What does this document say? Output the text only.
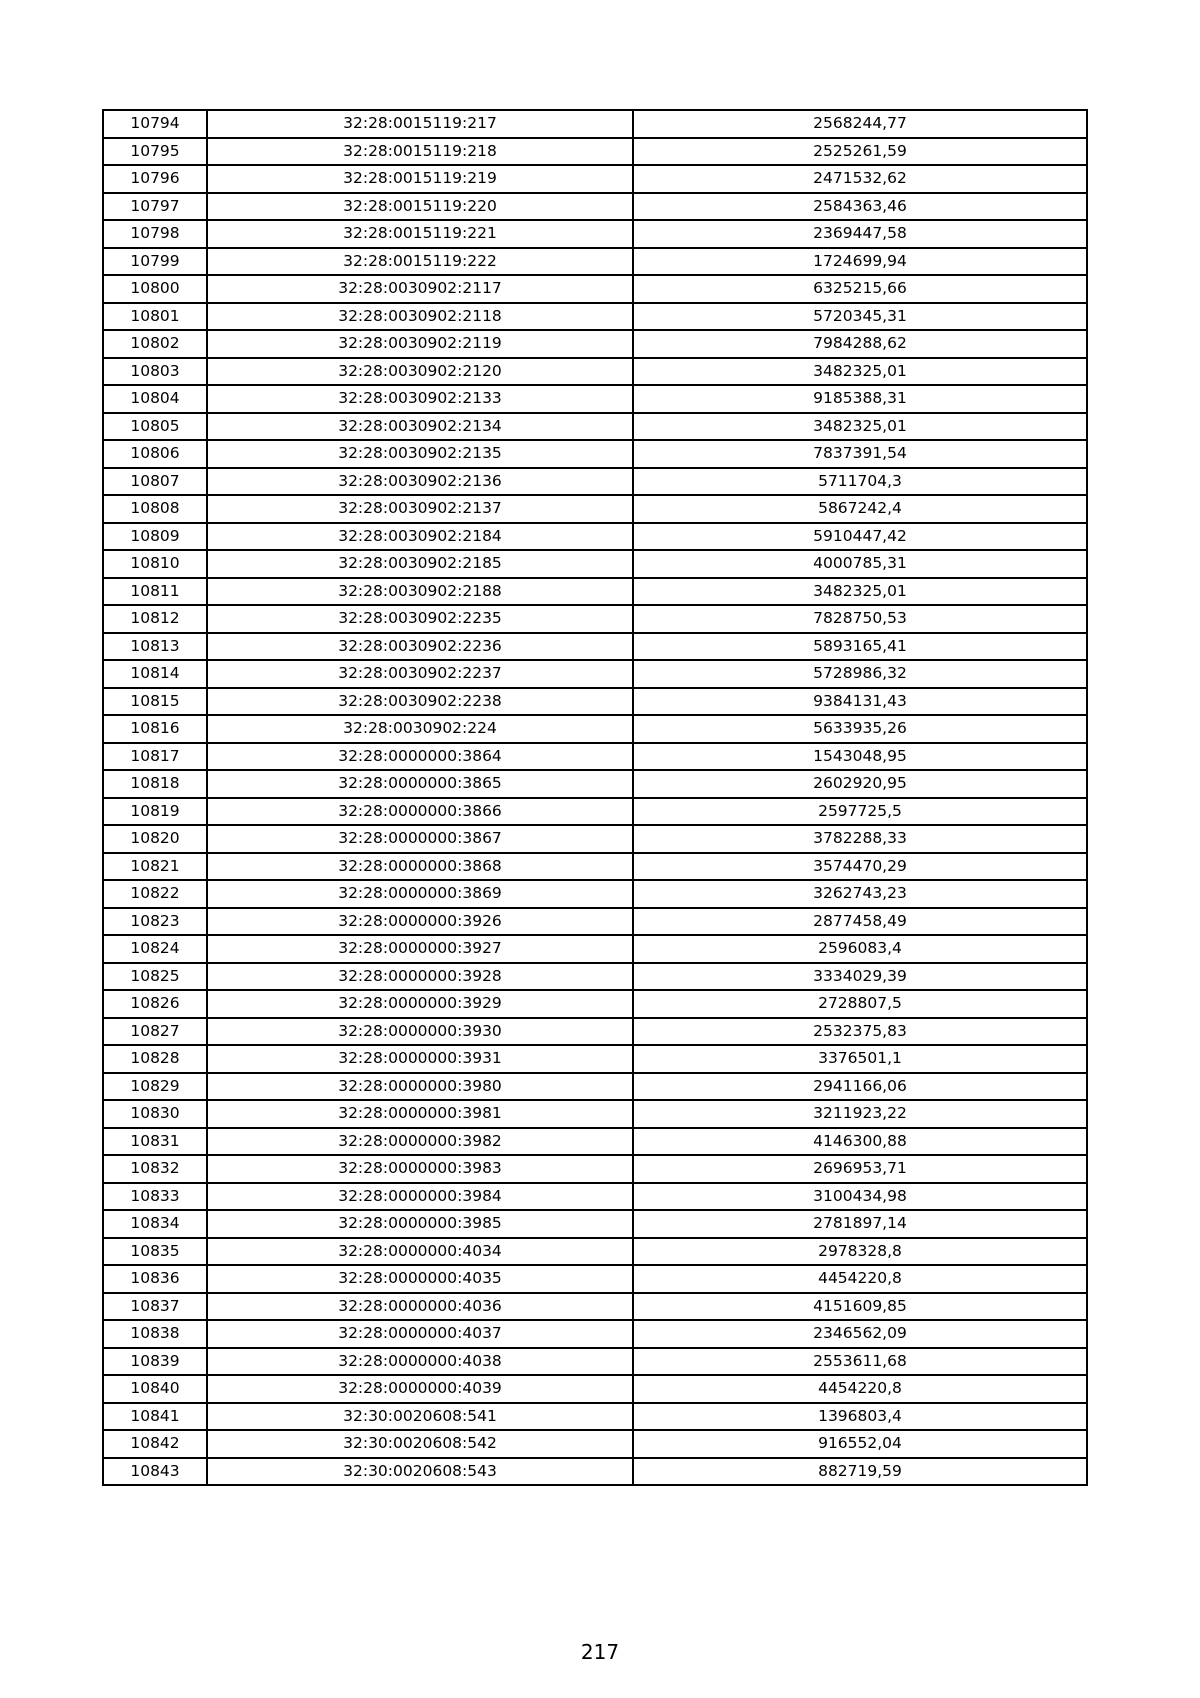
10794	32:28:0015119:217	2568244,77
10795	32:28:0015119:218	2525261,59
10796	32:28:0015119:219	2471532,62
10797	32:28:0015119:220	2584363,46
10798	32:28:0015119:221	2369447,58
10799	32:28:0015119:222	1724699,94
10800	32:28:0030902:2117	6325215,66
10801	32:28:0030902:2118	5720345,31
10802	32:28:0030902:2119	7984288,62
10803	32:28:0030902:2120	3482325,01
10804	32:28:0030902:2133	9185388,31
10805	32:28:0030902:2134	3482325,01
10806	32:28:0030902:2135	7837391,54
10807	32:28:0030902:2136	5711704,3
10808	32:28:0030902:2137	5867242,4
10809	32:28:0030902:2184	5910447,42
10810	32:28:0030902:2185	4000785,31
10811	32:28:0030902:2188	3482325,01
10812	32:28:0030902:2235	7828750,53
10813	32:28:0030902:2236	5893165,41
10814	32:28:0030902:2237	5728986,32
10815	32:28:0030902:2238	9384131,43
10816	32:28:0030902:224	5633935,26
10817	32:28:0000000:3864	1543048,95
10818	32:28:0000000:3865	2602920,95
10819	32:28:0000000:3866	2597725,5
10820	32:28:0000000:3867	3782288,33
10821	32:28:0000000:3868	3574470,29
10822	32:28:0000000:3869	3262743,23
10823	32:28:0000000:3926	2877458,49
10824	32:28:0000000:3927	2596083,4
10825	32:28:0000000:3928	3334029,39
10826	32:28:0000000:3929	2728807,5
10827	32:28:0000000:3930	2532375,83
10828	32:28:0000000:3931	3376501,1
10829	32:28:0000000:3980	2941166,06
10830	32:28:0000000:3981	3211923,22
10831	32:28:0000000:3982	4146300,88
10832	32:28:0000000:3983	2696953,71
10833	32:28:0000000:3984	3100434,98
10834	32:28:0000000:3985	2781897,14
10835	32:28:0000000:4034	2978328,8
10836	32:28:0000000:4035	4454220,8
10837	32:28:0000000:4036	4151609,85
10838	32:28:0000000:4037	2346562,09
10839	32:28:0000000:4038	2553611,68
10840	32:28:0000000:4039	4454220,8
10841	32:30:0020608:541	1396803,4
10842	32:30:0020608:542	916552,04
10843	32:30:0020608:543	882719,59
217
